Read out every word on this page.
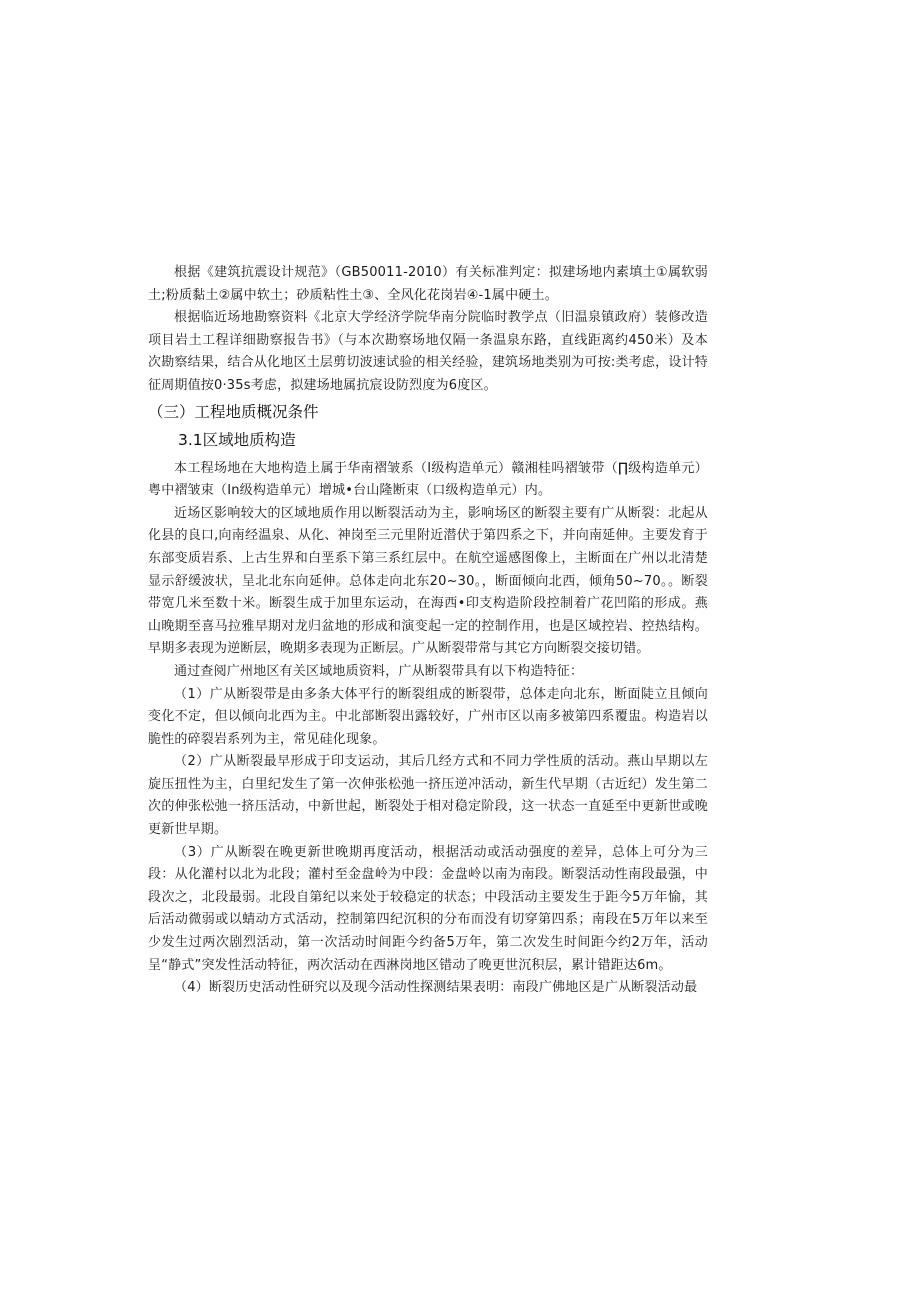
根据《建筑抗震设计规范》（GB50011-2010）有关标准判定：拟建场地内素填土①属软弱土;粉质黏土②属中软土；砂质粘性土③、全风化花岗岩④-1属中硬土。

根据临近场地勘察资料《北京大学经济学院华南分院临时教学点（旧温泉镇政府）装修改造项目岩土工程详细勘察报告书》（与本次勘察场地仅隔一条温泉东路，直线距离约450米）及本次勘察结果，结合从化地区土层剪切波速试验的相关经验，建筑场地类别为可按:类考虑，设计特征周期值按0·35s考虑，拟建场地属抗宸设防烈度为6度区。

（三）工程地质概况条件
3.1区域地质构造

本工程场地在大地构造上属于华南褶皱系（I级构造单元）赣湘桂吗褶皱带（∏级构造单元）粤中褶皱束（In级构造单元）增城•台山隆断束（口级构造单元）内。

近场区影响较大的区域地质作用以断裂活动为主，影响场区的断裂主要有广从断裂：北起从化县的良口,向南经温泉、从化、神岗至三元里附近潜伏于第四系之下，并向南延伸。主要发育于东部变质岩系、上古生界和白垩系下第三系红层中。在航空遥感图像上，主断面在广州以北清楚显示舒缓波状，呈北北东向延伸。总体走向北东20~30。，断面倾向北西，倾角50~70。。断裂带宽几米至数十米。断裂生成于加里东运动，在海西•印支构造阶段控制着广花凹陷的形成。燕山晚期至喜马拉雅早期对龙归盆地的形成和演变起一定的控制作用，也是区域控岩、控热结构。早期多表现为逆断层，晚期多表现为正断层。广从断裂带常与其它方向断裂交接切错。

通过查阅广州地区有关区域地质资料，广从断裂带具有以下构造特征：

（1）广从断裂带是由多条大体平行的断裂组成的断裂带，总体走向北东，断面陡立且倾向变化不定，但以倾向北西为主。中北部断裂出露较好，广州市区以南多被第四系覆盅。构造岩以脆性的碎裂岩系列为主，常见硅化现象。

（2）广从断裂最早形成于印支运动，其后几经方式和不同力学性质的活动。燕山早期以左旋压扭性为主，白里纪发生了第一次伸张松弛一挤压逆冲活动，新生代早期（古近纪）发生第二次的伸张松弛一挤压活动，中新世起，断裂处于相对稳定阶段，这一状态一直延至中更新世或晚更新世早期。

（3）广从断裂在晚更新世晚期再度活动，根据活动或活动强度的差异，总体上可分为三段：从化灌村以北为北段；灌村至金盘岭为中段：金盘岭以南为南段。断裂活动性南段最强，中段次之，北段最弱。北段自第纪以来处于较稳定的状态；中段活动主要发生于距今5万年愉，其后活动微弱或以蜻动方式活动，控制第四纪沉积的分布而没有切穿第四系；南段在5万年以来至少发生过两次剧烈活动，第一次活动时间距今约备5万年，第二次发生时间距今约2万年，活动呈“静式”突发性活动特征，两次活动在西淋岗地区错动了晚更世沉积层，累计错距达6m。

（4）断裂历史活动性研究以及现今活动性探测结果表明：南段广佛地区是广从断裂活动最
